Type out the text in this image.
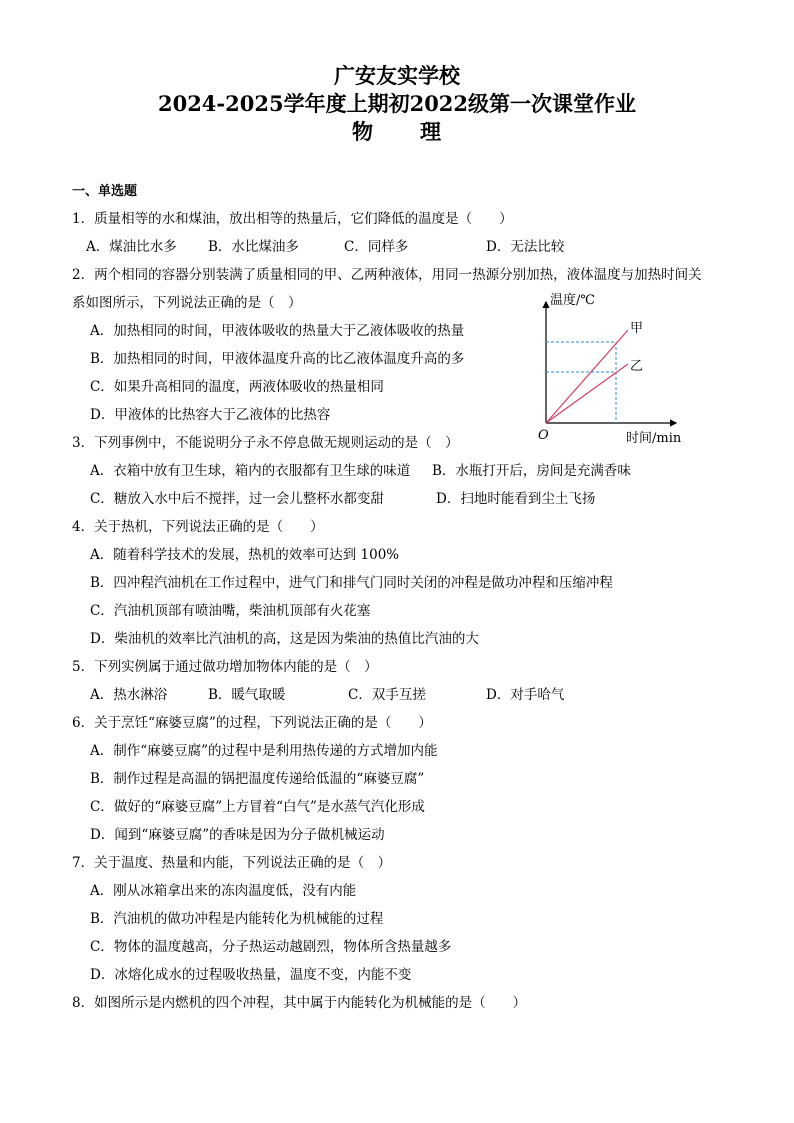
广安友实学校
2024-2025学年度上期初2022级第一次课堂作业
物 理
一、单选题
1．质量相等的水和煤油，放出相等的热量后，它们降低的温度是（　　）
A．煤油比水多 B．水比煤油多	C．同样多	D．无法比较
2．两个相同的容器分别装满了质量相同的甲、乙两种液体，用同一热源分别加热，液体温度与加热时间关
系如图所示，下列说法正确的是（　）
A．加热相同的时间，甲液体吸收的热量大于乙液体吸收的热量
B．加热相同的时间，甲液体温度升高的比乙液体温度升高的多
C．如果升高相同的温度，两液体吸收的热量相同
D．甲液体的比热容大于乙液体的比热容
温度/℃
时间/min
O
甲
乙
3．下列事例中，不能说明分子永不停息做无规则运动的是（　）
A．衣箱中放有卫生球，箱内的衣服都有卫生球的味道 B．水瓶打开后，房间是充满香味
C．糖放入水中后不搅拌，过一会儿整杯水都变甜	D．扫地时能看到尘土飞扬
4．关于热机，下列说法正确的是（　　）
A．随着科学技术的发展，热机的效率可达到 100%
B．四冲程汽油机在工作过程中，进气门和排气门同时关闭的冲程是做功冲程和压缩冲程
C．汽油机顶部有喷油嘴，柴油机顶部有火花塞
D．柴油机的效率比汽油机的高，这是因为柴油的热值比汽油的大
5．下列实例属于通过做功增加物体内能的是（　）
A．热水淋浴	B．暖气取暖	C．双手互搓	D．对手哈气
6．关于烹饪“麻婆豆腐”的过程，下列说法正确的是（　　）
A．制作“麻婆豆腐”的过程中是利用热传递的方式增加内能
B．制作过程是高温的锅把温度传递给低温的“麻婆豆腐”
C．做好的“麻婆豆腐”上方冒着“白气”是水蒸气汽化形成
D．闻到“麻婆豆腐”的香味是因为分子做机械运动
7．关于温度、热量和内能，下列说法正确的是（　）
A．刚从冰箱拿出来的冻肉温度低，没有内能
B．汽油机的做功冲程是内能转化为机械能的过程
C．物体的温度越高，分子热运动越剧烈，物体所含热量越多
D．冰熔化成水的过程吸收热量，温度不变，内能不变
8．如图所示是内燃机的四个冲程，其中属于内能转化为机械能的是（　　）
